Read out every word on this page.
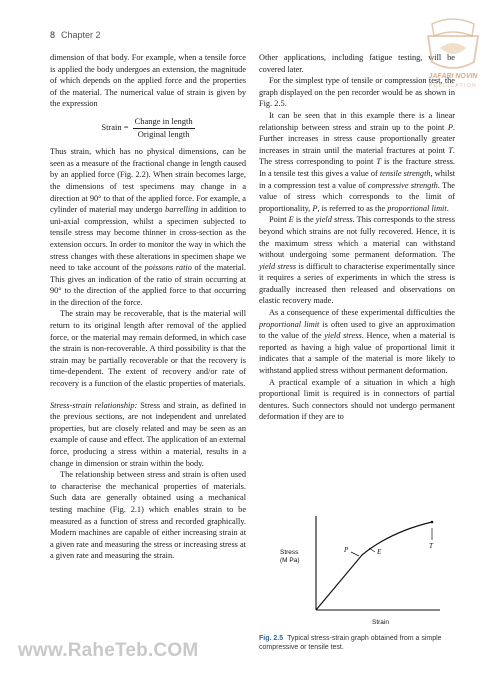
8 Chapter 2

dimension of that body. For example, when a tensile force is applied the body undergoes an extension, the magnitude of which depends on the applied force and the properties of the material. The numerical value of strain is given by the expression

Strain = $\frac{\text{Change in length}}{\text{Original length}}$

Thus strain, which has no physical dimensions, can be seen as a measure of the fractional change in length caused by an applied force (Fig. 2.2). When strain becomes large, the dimensions of test specimens may change in a direction at 90° to that of the applied force. For example, a cylinder of material may undergo barrelling in addition to uni-axial compression, whilst a specimen subjected to tensile stress may become thinner in cross-section as the extension occurs. In order to monitor the way in which the stress changes with these alterations in specimen shape we need to take account of the poissons ratio of the material. This gives an indication of the ratio of strain occurring at 90° to the direction of the applied force to that occurring in the direction of the force.

The strain may be recoverable, that is the material will return to its original length after removal of the applied force, or the material may remain deformed, in which case the strain is non-recoverable. A third possibility is that the strain may be partially recoverable or that the recovery is time-dependent. The extent of recovery and/or rate of recovery is a function of the elastic properties of materials.

Stress-strain relationship: Stress and strain, as defined in the previous sections, are not independent and unrelated properties, but are closely related and may be seen as an example of cause and effect. The application of an external force, producing a stress within a material, results in a change in dimension or strain within the body.

The relationship between stress and strain is often used to characterise the mechanical properties of materials. Such data are generally obtained using a mechanical testing machine (Fig. 2.1) which enables strain to be measured as a function of stress and recorded graphically. Modern machines are capable of either increasing strain at a given rate and measuring the stress or increasing stress at a given rate and measuring the strain.

Other applications, including fatigue testing, will be covered later.

For the simplest type of tensile or compression test, the graph displayed on the pen recorder would be as shown in Fig. 2.5.

It can be seen that in this example there is a linear relationship between stress and strain up to the point P. Further increases in stress cause proportionally greater increases in strain until the material fractures at point T. The stress corresponding to point T is the fracture stress. In a tensile test this gives a value of tensile strength, whilst in a compression test a value of compressive strength. The value of stress which corresponds to the limit of proportionality, P, is referred to as the proportional limit.

Point E is the yield stress. This corresponds to the stress beyond which strains are not fully recovered. Hence, it is the maximum stress which a material can withstand without undergoing some permanent deformation. The yield stress is difficult to characterise experimentally since it requires a series of experiments in which the stress is gradually increased then released and observations on elastic recovery made.

As a consequence of these experimental difficulties the proportional limit is often used to give an approximation to the value of the yield stress. Hence, when a material is reported as having a high value of proportional limit it indicates that a sample of the material is more likely to withstand applied stress without permanent deformation.

A practical example of a situation in which a high proportional limit is required is in connectors of partial dentures. Such connectors should not undergo permanent deformation if they are to

Stress
(M Pa)
Strain
P	E
T
Fig. 2.5 Typical stress-strain graph obtained from a simple compressive or tensile test.
JAFARI NOVIN
PUBLICATION
www.RaheTeb.COM
